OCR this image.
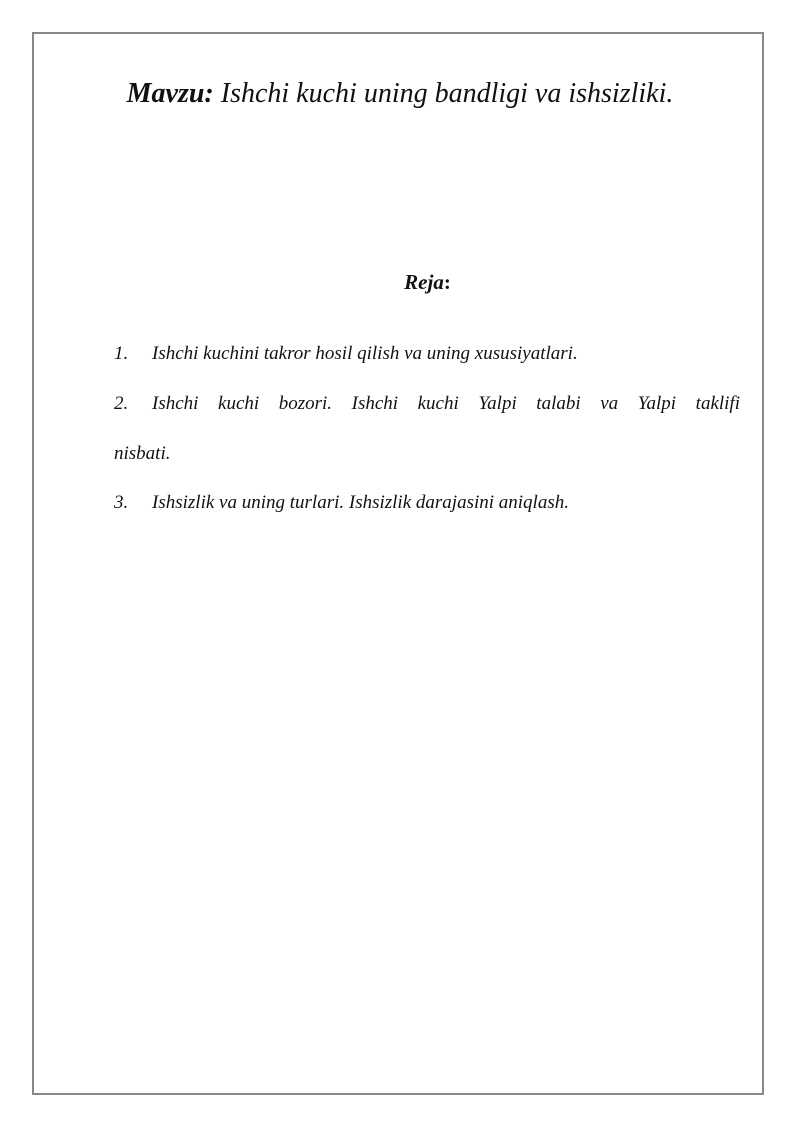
Mavzu: Ishchi kuchi uning bandligi va ishsizliki.
Reja:
1. Ishchi kuchini takror hosil qilish va uning xususiyatlari.
2. Ishchi kuchi bozori. Ishchi kuchi Yalpi talabi va Yalpi taklifi
nisbati.
3. Ishsizlik va uning turlari. Ishsizlik darajasini aniqlash.
